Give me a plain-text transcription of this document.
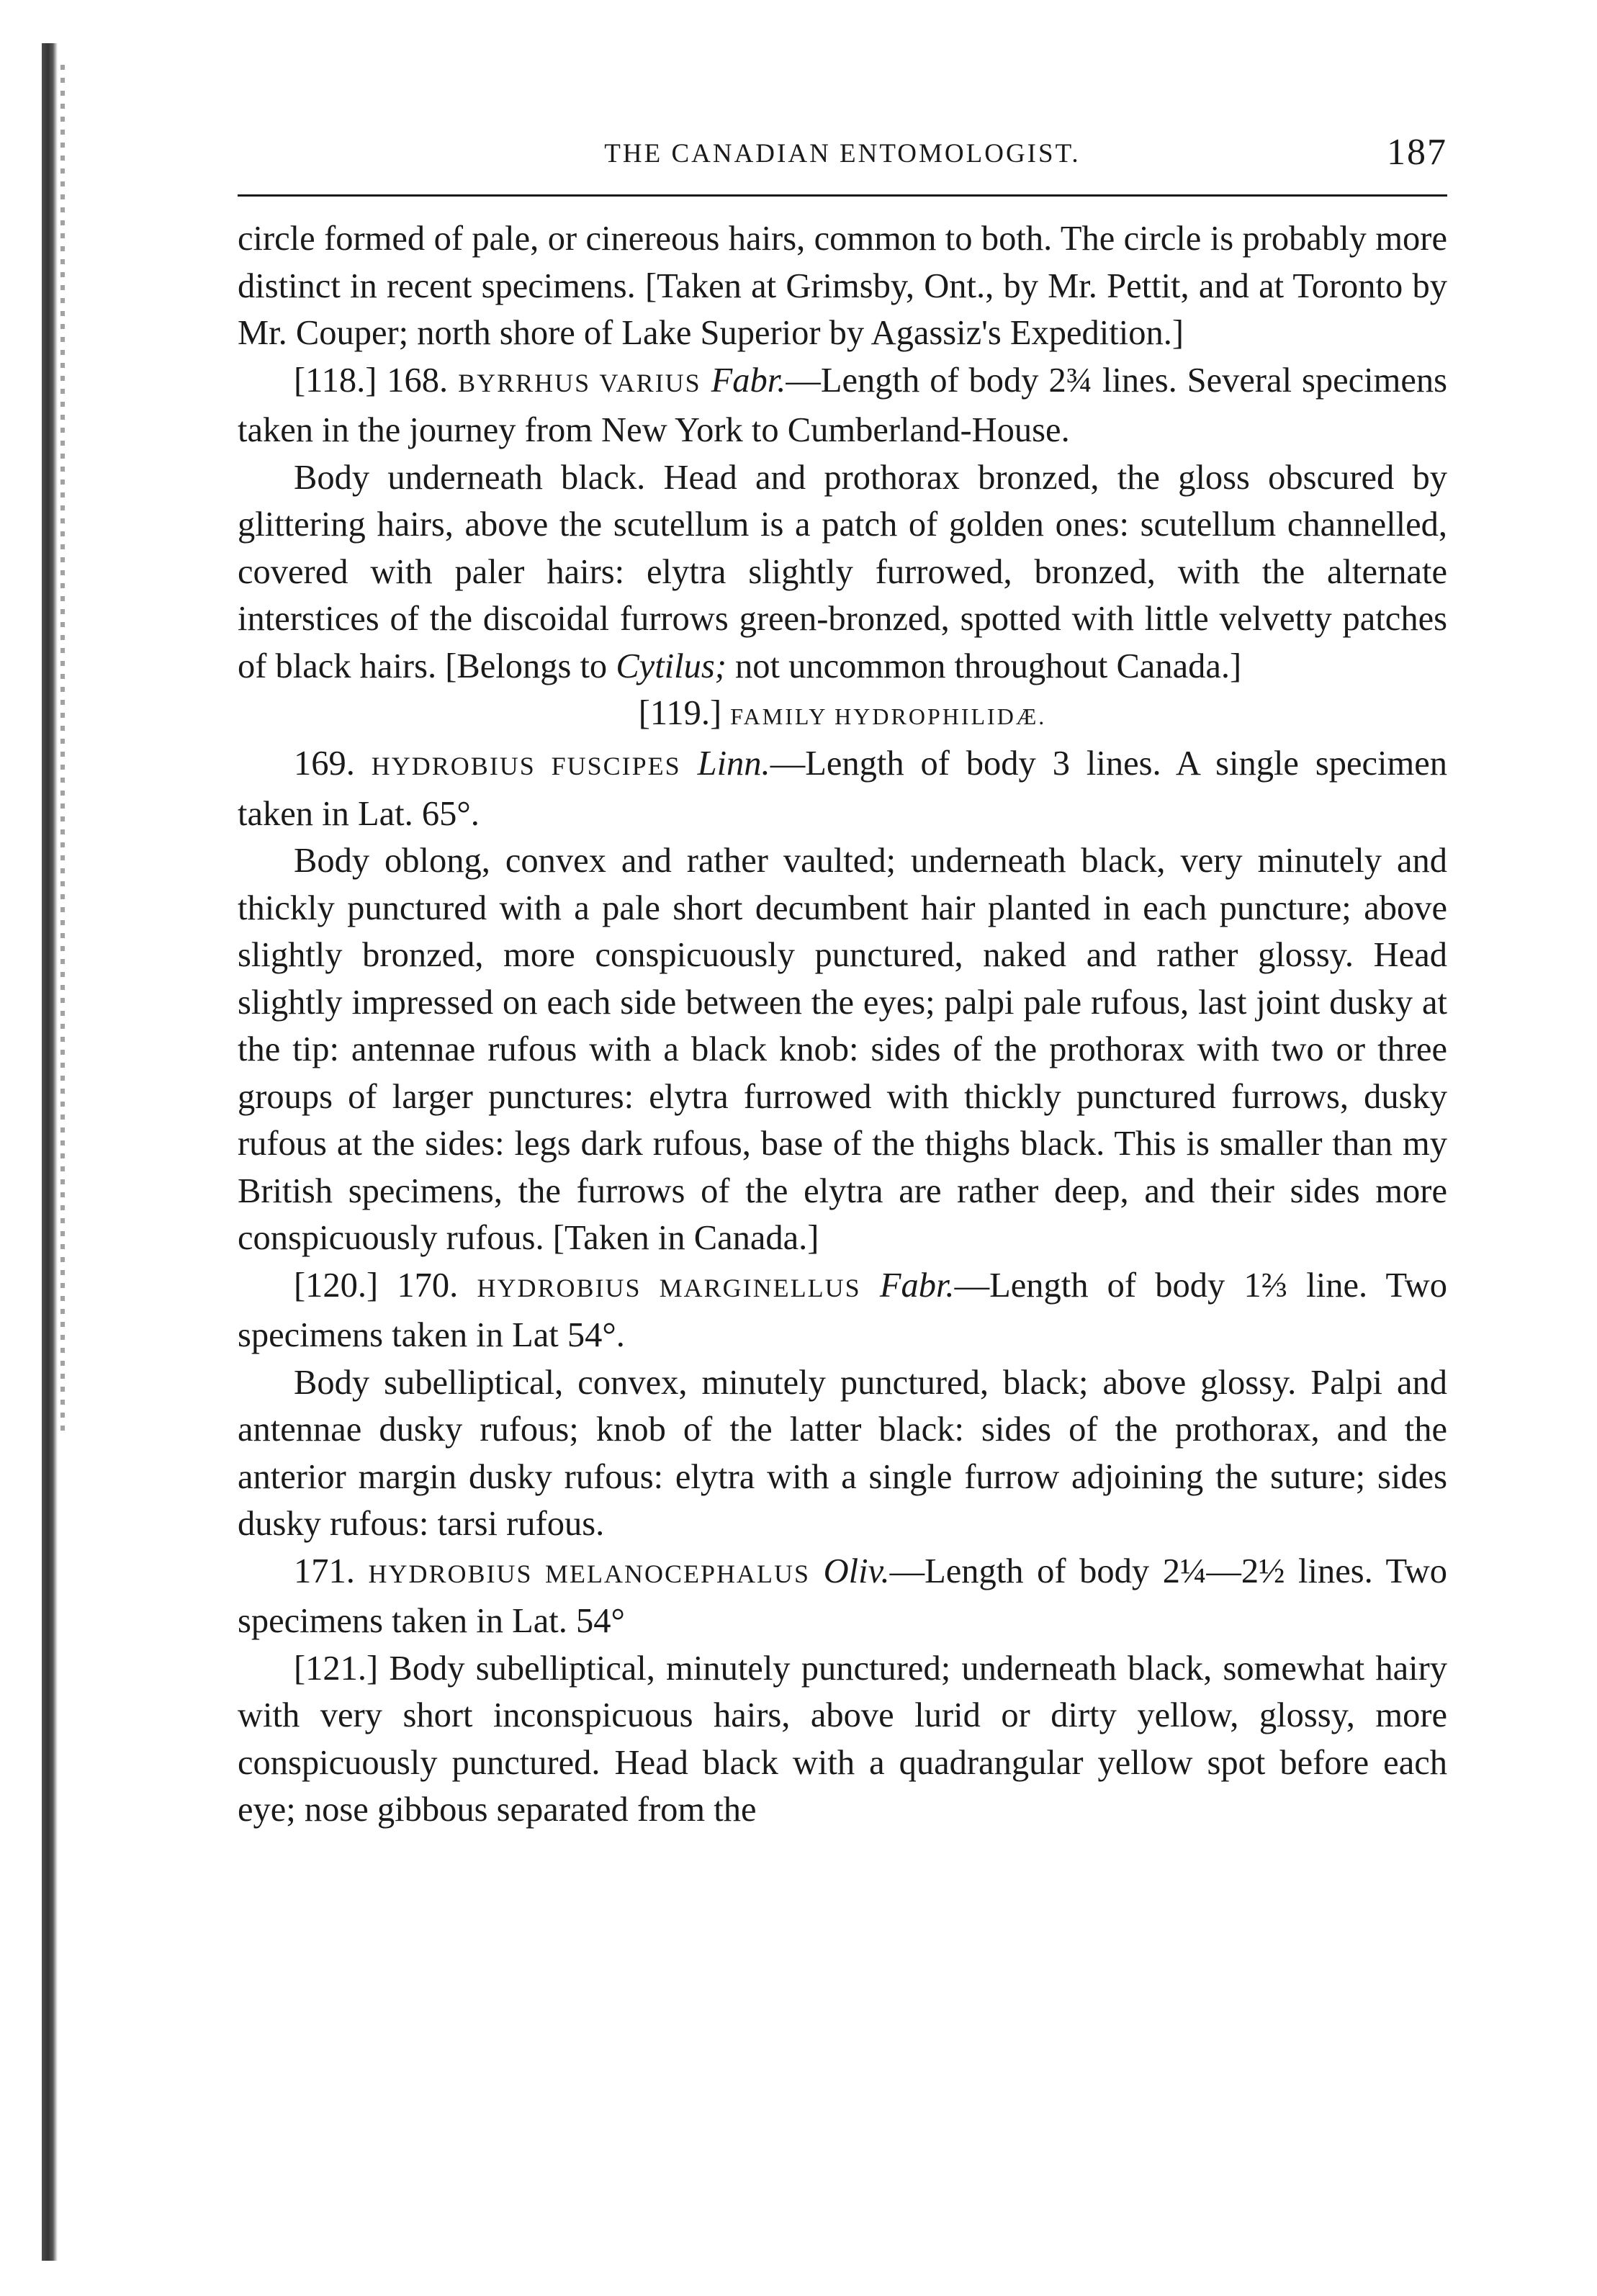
THE CANADIAN ENTOMOLOGIST.	187

circle formed of pale, or cinereous hairs, common to both. The circle is probably more distinct in recent specimens. [Taken at Grimsby, Ont., by Mr. Pettit, and at Toronto by Mr. Couper; north shore of Lake Superior by Agassiz's Expedition.]

[118.] 168. BYRRHUS VARIUS Fabr.—Length of body 2¾ lines. Several specimens taken in the journey from New York to Cumberland-House.

Body underneath black. Head and prothorax bronzed, the gloss obscured by glittering hairs, above the scutellum is a patch of golden ones: scutellum channelled, covered with paler hairs: elytra slightly furrowed, bronzed, with the alternate interstices of the discoidal furrows green-bronzed, spotted with little velvetty patches of black hairs. [Belongs to Cytilus; not uncommon throughout Canada.]

[119.] FAMILY HYDROPHILIDÆ.

169. HYDROBIUS FUSCIPES Linn.—Length of body 3 lines. A single specimen taken in Lat. 65°.

Body oblong, convex and rather vaulted; underneath black, very minutely and thickly punctured with a pale short decumbent hair planted in each puncture; above slightly bronzed, more conspicuously punctured, naked and rather glossy. Head slightly impressed on each side between the eyes; palpi pale rufous, last joint dusky at the tip: antennae rufous with a black knob: sides of the prothorax with two or three groups of larger punctures: elytra furrowed with thickly punctured furrows, dusky rufous at the sides: legs dark rufous, base of the thighs black. This is smaller than my British specimens, the furrows of the elytra are rather deep, and their sides more conspicuously rufous. [Taken in Canada.]

[120.] 170. HYDROBIUS MARGINELLUS Fabr.—Length of body 1⅔ line. Two specimens taken in Lat 54°.

Body subelliptical, convex, minutely punctured, black; above glossy. Palpi and antennae dusky rufous; knob of the latter black: sides of the prothorax, and the anterior margin dusky rufous: elytra with a single furrow adjoining the suture; sides dusky rufous: tarsi rufous.

171. HYDROBIUS MELANOCEPHALUS Oliv.—Length of body 2¼—2½ lines. Two specimens taken in Lat. 54°

[121.] Body subelliptical, minutely punctured; underneath black, somewhat hairy with very short inconspicuous hairs, above lurid or dirty yellow, glossy, more conspicuously punctured. Head black with a quadrangular yellow spot before each eye; nose gibbous separated from the
